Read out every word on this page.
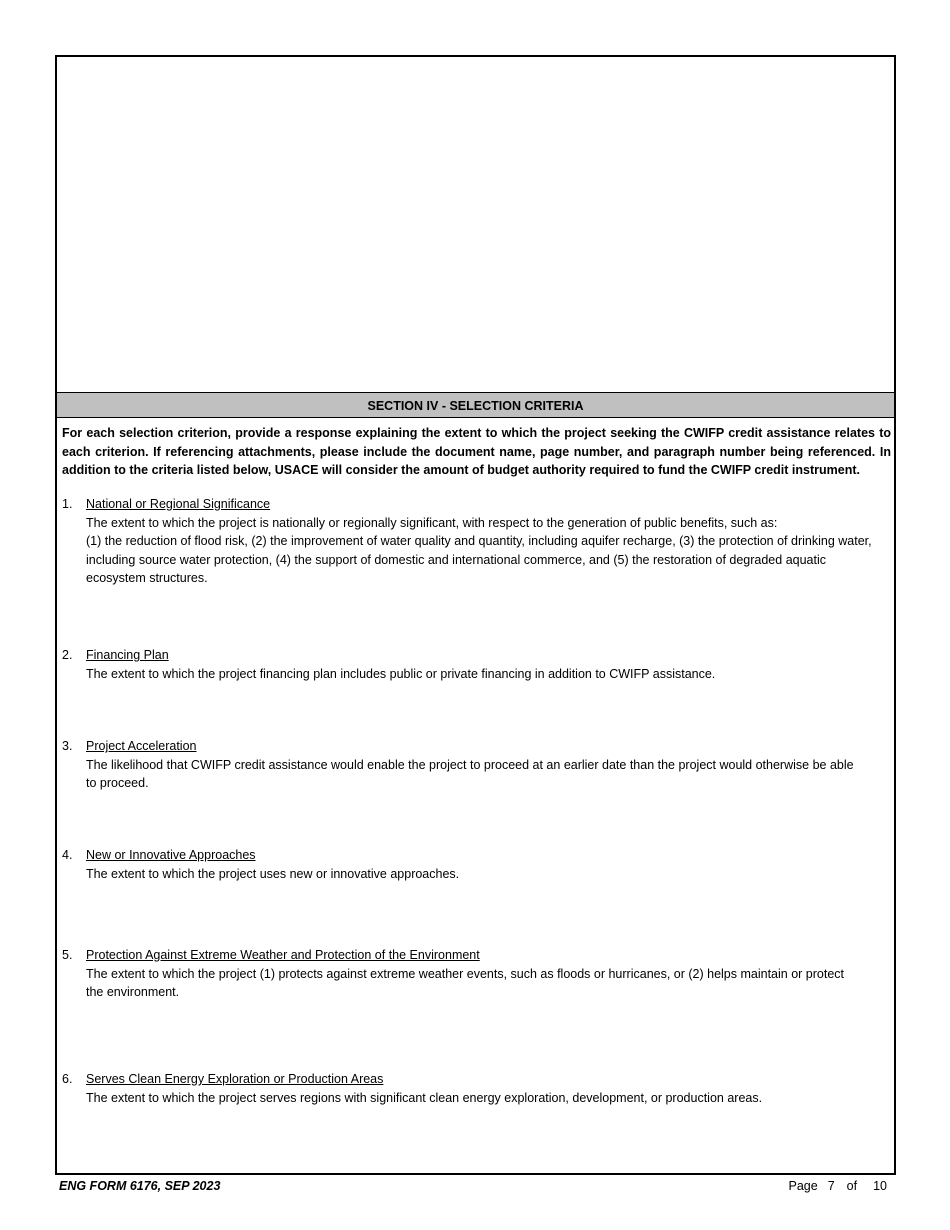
SECTION IV - SELECTION CRITERIA

For each selection criterion, provide a response explaining the extent to which the project seeking the CWIFP credit assistance relates to each criterion. If referencing attachments, please include the document name, page number, and paragraph number being referenced. In addition to the criteria listed below, USACE will consider the amount of budget authority required to fund the CWIFP credit instrument.

1. National or Regional Significance
The extent to which the project is nationally or regionally significant, with respect to the generation of public benefits, such as:
(1) the reduction of flood risk, (2) the improvement of water quality and quantity, including aquifer recharge, (3) the protection of drinking water, including source water protection, (4) the support of domestic and international commerce, and (5) the restoration of degraded aquatic ecosystem structures.
2. Financing Plan
The extent to which the project financing plan includes public or private financing in addition to CWIFP assistance.
3. Project Acceleration
The likelihood that CWIFP credit assistance would enable the project to proceed at an earlier date than the project would otherwise be able
to proceed.
4. New or Innovative Approaches
The extent to which the project uses new or innovative approaches.
5. Protection Against Extreme Weather and Protection of the Environment
The extent to which the project (1) protects against extreme weather events, such as floods or hurricanes, or (2) helps maintain or protect
the environment.
6. Serves Clean Energy Exploration or Production Areas
The extent to which the project serves regions with significant clean energy exploration, development, or production areas.
ENG FORM 6176, SEP 2023	Page 7 of 10
